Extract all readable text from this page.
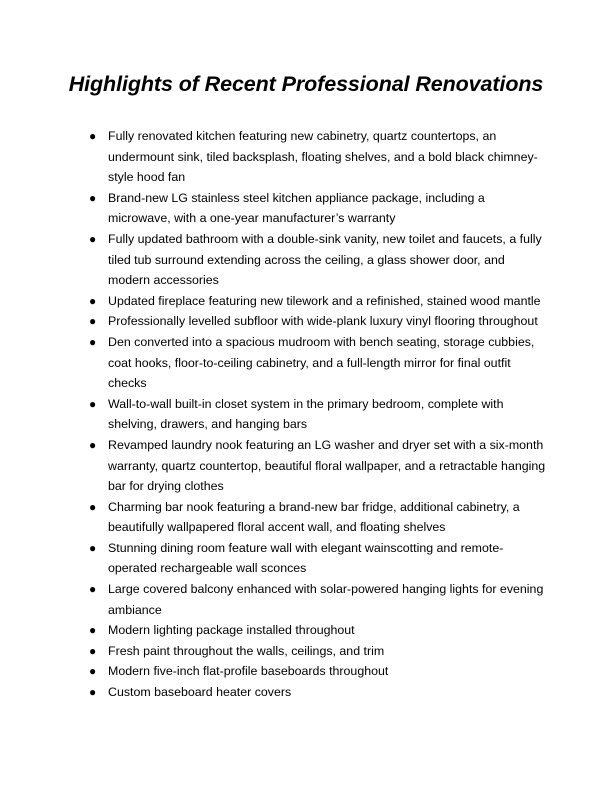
Highlights of Recent Professional Renovations
● Fully renovated kitchen featuring new cabinetry, quartz countertops, an undermount sink, tiled backsplash, floating shelves, and a bold black chimney-style hood fan
● Brand-new LG stainless steel kitchen appliance package, including a microwave, with a one-year manufacturer’s warranty
● Fully updated bathroom with a double-sink vanity, new toilet and faucets, a fully tiled tub surround extending across the ceiling, a glass shower door, and modern accessories
● Updated fireplace featuring new tilework and a refinished, stained wood mantle
● Professionally levelled subfloor with wide-plank luxury vinyl flooring throughout
● Den converted into a spacious mudroom with bench seating, storage cubbies, coat hooks, floor-to-ceiling cabinetry, and a full-length mirror for final outfit checks
● Wall-to-wall built-in closet system in the primary bedroom, complete with shelving, drawers, and hanging bars
● Revamped laundry nook featuring an LG washer and dryer set with a six-month warranty, quartz countertop, beautiful floral wallpaper, and a retractable hanging bar for drying clothes
● Charming bar nook featuring a brand-new bar fridge, additional cabinetry, a beautifully wallpapered floral accent wall, and floating shelves
● Stunning dining room feature wall with elegant wainscotting and remote-operated rechargeable wall sconces
● Large covered balcony enhanced with solar-powered hanging lights for evening ambiance
● Modern lighting package installed throughout
● Fresh paint throughout the walls, ceilings, and trim
● Modern five-inch flat-profile baseboards throughout
● Custom baseboard heater covers
